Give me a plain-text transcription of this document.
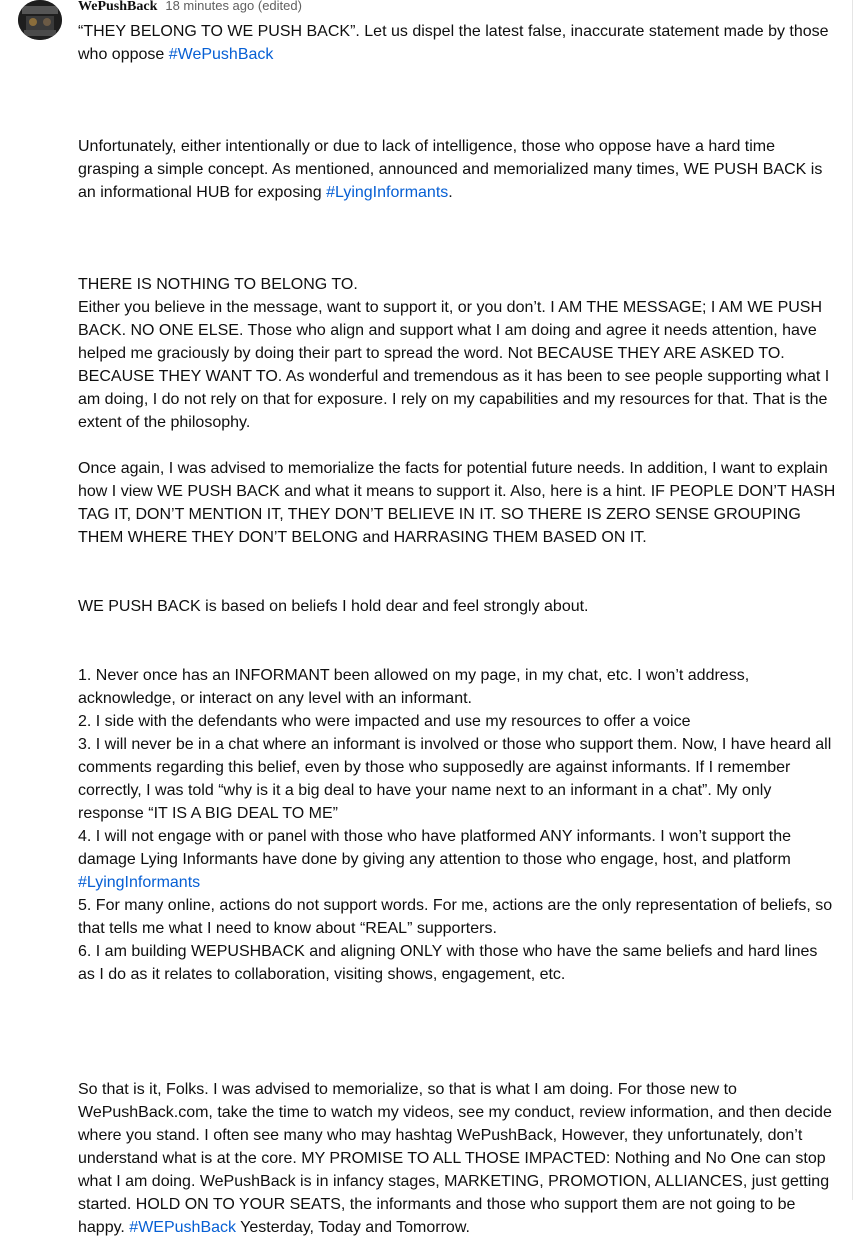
WePushBack 18 minutes ago (edited)

“THEY BELONG TO WE PUSH BACK”. Let us dispel the latest false, inaccurate statement made by those who oppose #WePushBack

Unfortunately, either intentionally or due to lack of intelligence, those who oppose have a hard time grasping a simple concept. As mentioned, announced and memorialized many times, WE PUSH BACK is an informational HUB for exposing #LyingInformants.

THERE IS NOTHING TO BELONG TO.
Either you believe in the message, want to support it, or you don’t. I AM THE MESSAGE; I AM WE PUSH BACK. NO ONE ELSE. Those who align and support what I am doing and agree it needs attention, have helped me graciously by doing their part to spread the word. Not BECAUSE THEY ARE ASKED TO. BECAUSE THEY WANT TO. As wonderful and tremendous as it has been to see people supporting what I am doing, I do not rely on that for exposure. I rely on my capabilities and my resources for that. That is the extent of the philosophy.

Once again, I was advised to memorialize the facts for potential future needs. In addition, I want to explain how I view WE PUSH BACK and what it means to support it. Also, here is a hint. IF PEOPLE DON’T HASH TAG IT, DON’T MENTION IT, THEY DON’T BELIEVE IN IT. SO THERE IS ZERO SENSE GROUPING THEM WHERE THEY DON’T BELONG and HARRASING THEM BASED ON IT.

WE PUSH BACK is based on beliefs I hold dear and feel strongly about.

1. Never once has an INFORMANT been allowed on my page, in my chat, etc. I won’t address, acknowledge, or interact on any level with an informant.

2. I side with the defendants who were impacted and use my resources to offer a voice

3. I will never be in a chat where an informant is involved or those who support them. Now, I have heard all comments regarding this belief, even by those who supposedly are against informants. If I remember correctly, I was told “why is it a big deal to have your name next to an informant in a chat”. My only response “IT IS A BIG DEAL TO ME”

4. I will not engage with or panel with those who have platformed ANY informants. I won’t support the damage Lying Informants have done by giving any attention to those who engage, host, and platform #LyingInformants

5. For many online, actions do not support words. For me, actions are the only representation of beliefs, so that tells me what I need to know about “REAL” supporters.

6. I am building WEPUSHBACK and aligning ONLY with those who have the same beliefs and hard lines as I do as it relates to collaboration, visiting shows, engagement, etc.

So that is it, Folks. I was advised to memorialize, so that is what I am doing. For those new to WePushBack.com, take the time to watch my videos, see my conduct, review information, and then decide where you stand. I often see many who may hashtag WePushBack, However, they unfortunately, don’t understand what is at the core. MY PROMISE TO ALL THOSE IMPACTED: Nothing and No One can stop what I am doing. WePushBack is in infancy stages, MARKETING, PROMOTION, ALLIANCES, just getting started. HOLD ON TO YOUR SEATS, the informants and those who support them are not going to be happy. #WEPushBack Yesterday, Today and Tomorrow.
